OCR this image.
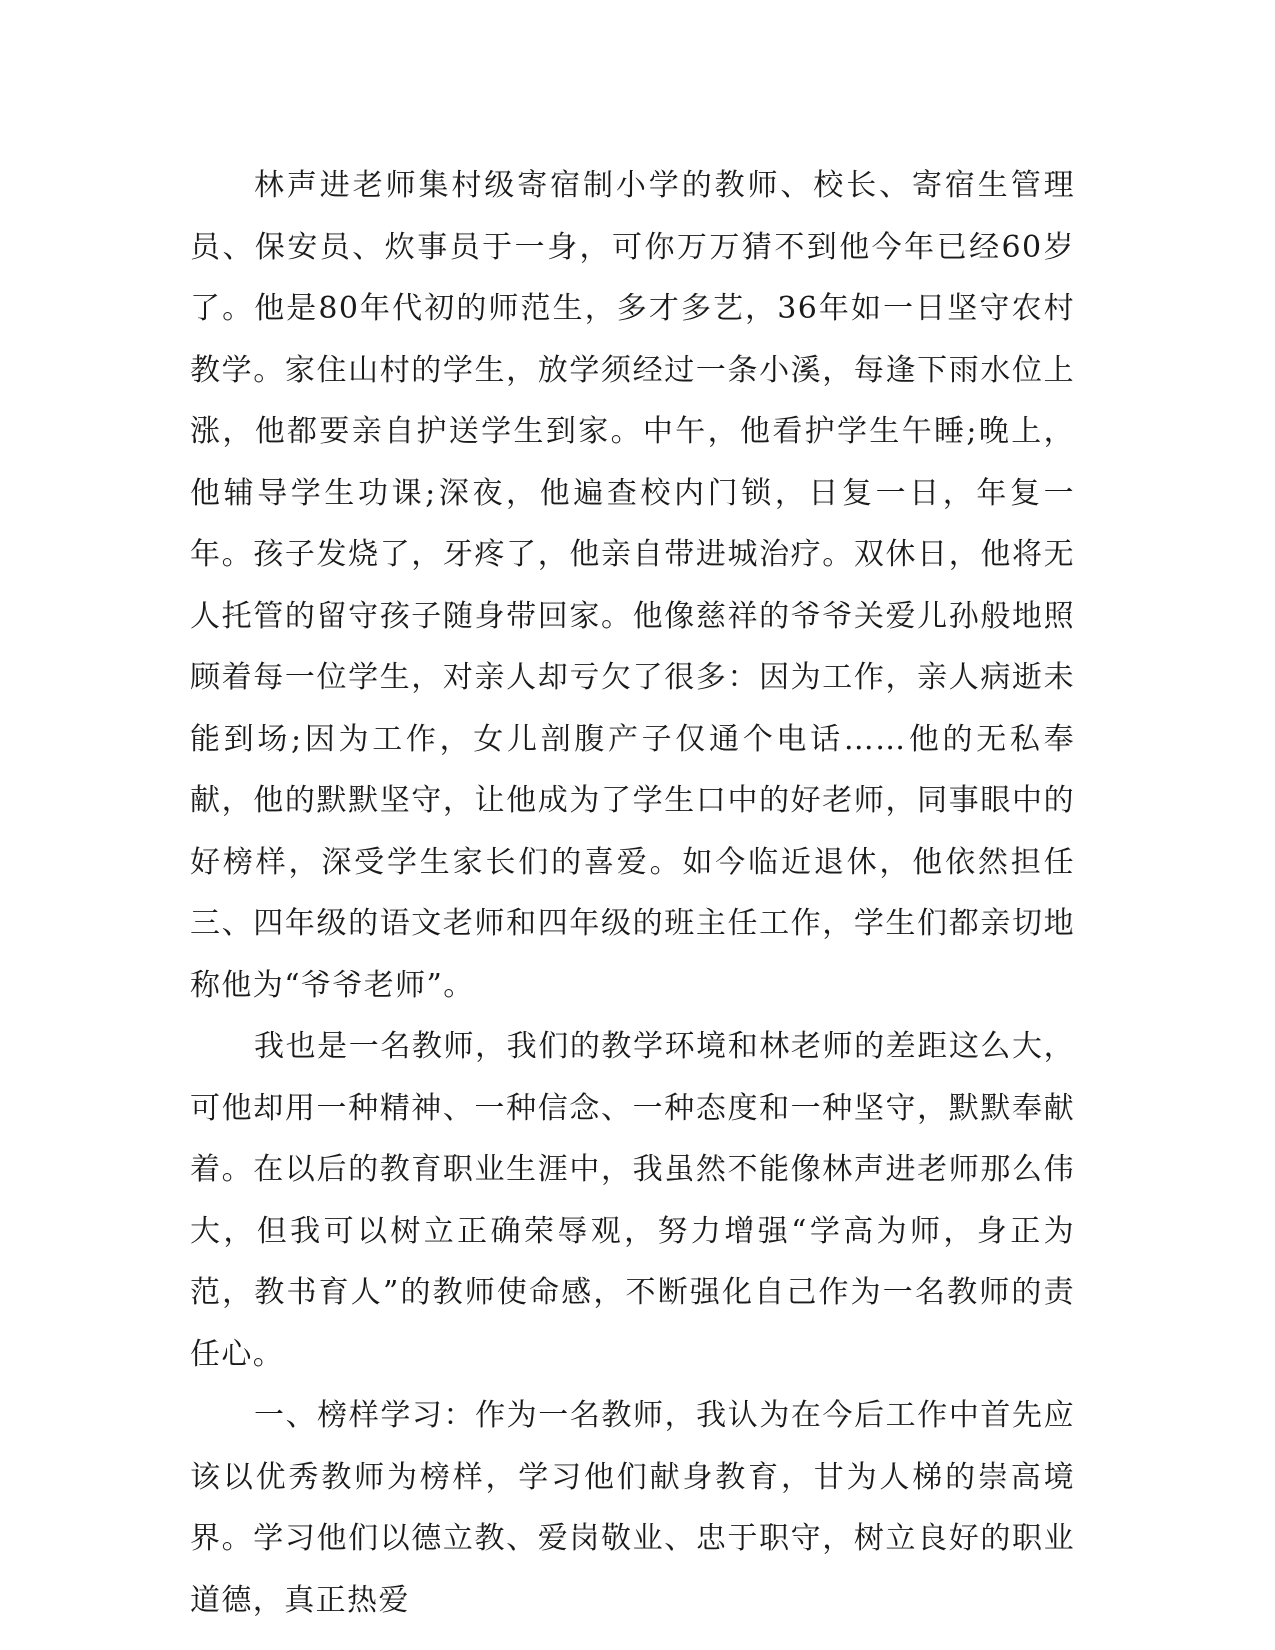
林声进老师集村级寄宿制小学的教师、校长、寄宿生管理员、保安员、炊事员于一身，可你万万猜不到他今年已经60岁了。他是80年代初的师范生，多才多艺，36年如一日坚守农村教学。家住山村的学生，放学须经过一条小溪，每逢下雨水位上涨，他都要亲自护送学生到家。中午，他看护学生午睡;晚上，他辅导学生功课;深夜，他遍查校内门锁，日复一日，年复一年。孩子发烧了，牙疼了，他亲自带进城治疗。双休日，他将无人托管的留守孩子随身带回家。他像慈祥的爷爷关爱儿孙般地照顾着每一位学生，对亲人却亏欠了很多：因为工作，亲人病逝未能到场;因为工作，女儿剖腹产子仅通个电话……他的无私奉献，他的默默坚守，让他成为了学生口中的好老师，同事眼中的好榜样，深受学生家长们的喜爱。如今临近退休，他依然担任三、四年级的语文老师和四年级的班主任工作，学生们都亲切地称他为“爷爷老师”。

我也是一名教师，我们的教学环境和林老师的差距这么大，可他却用一种精神、一种信念、一种态度和一种坚守，默默奉献着。在以后的教育职业生涯中，我虽然不能像林声进老师那么伟大，但我可以树立正确荣辱观，努力增强“学高为师，身正为范，教书育人”的教师使命感，不断强化自己作为一名教师的责任心。

一、榜样学习：作为一名教师，我认为在今后工作中首先应该以优秀教师为榜样，学习他们献身教育，甘为人梯的崇高境界。学习他们以德立教、爱岗敬业、忠于职守，树立良好的职业道德，真正热爱
